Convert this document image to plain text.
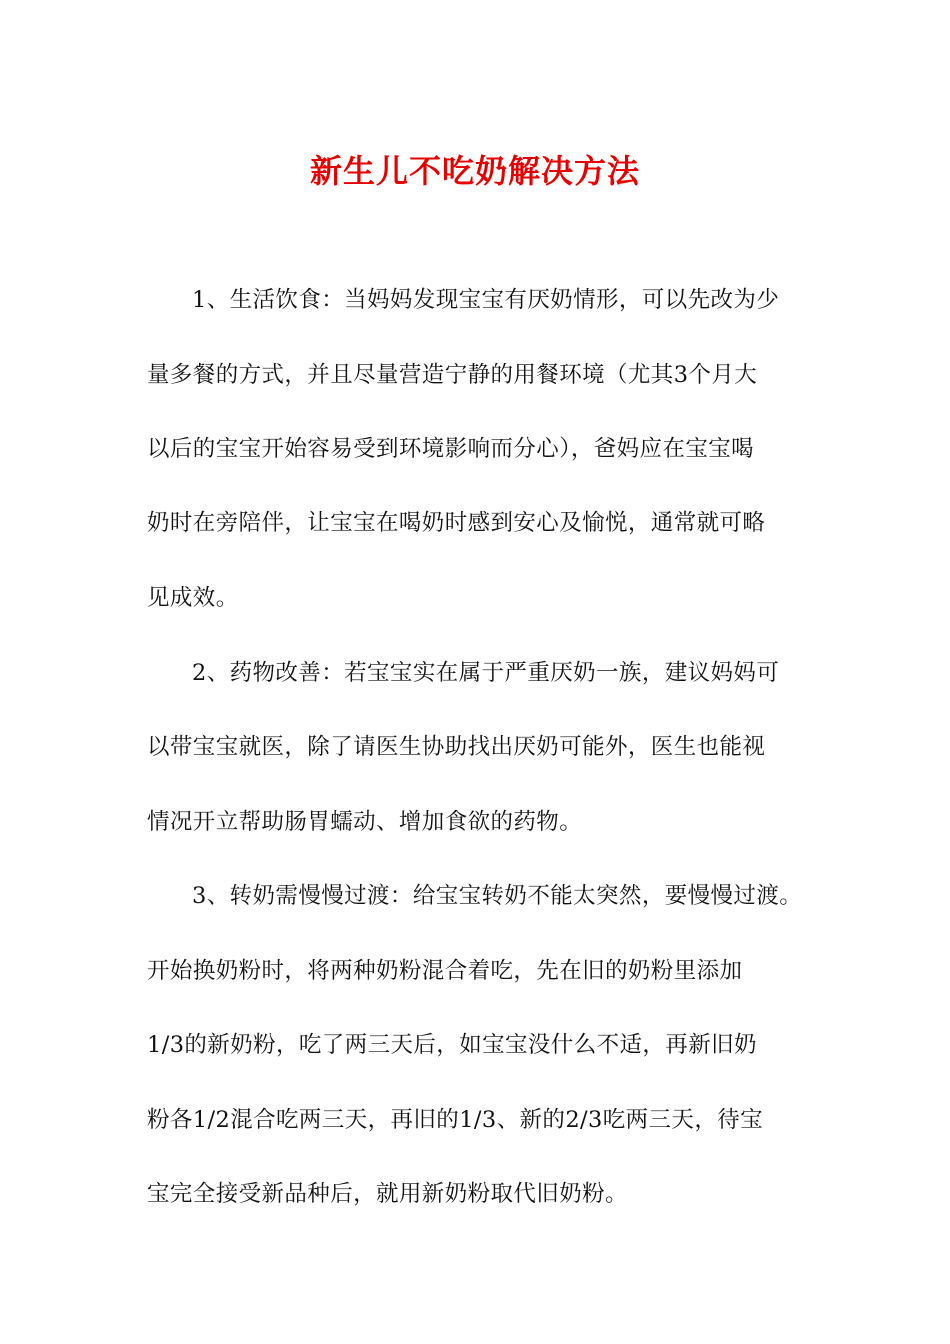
新生儿不吃奶解决方法
1、生活饮食：当妈妈发现宝宝有厌奶情形，可以先改为少
量多餐的方式，并且尽量营造宁静的用餐环境（尤其3个月大
以后的宝宝开始容易受到环境影响而分心），爸妈应在宝宝喝
奶时在旁陪伴，让宝宝在喝奶时感到安心及愉悦，通常就可略
见成效。
2、药物改善：若宝宝实在属于严重厌奶一族，建议妈妈可
以带宝宝就医，除了请医生协助找出厌奶可能外，医生也能视
情况开立帮助肠胃蠕动、增加食欲的药物。
3、转奶需慢慢过渡：给宝宝转奶不能太突然，要慢慢过渡。
开始换奶粉时，将两种奶粉混合着吃，先在旧的奶粉里添加
1/3的新奶粉，吃了两三天后，如宝宝没什么不适，再新旧奶
粉各1/2混合吃两三天，再旧的1/3、新的2/3吃两三天，待宝
宝完全接受新品种后，就用新奶粉取代旧奶粉。
